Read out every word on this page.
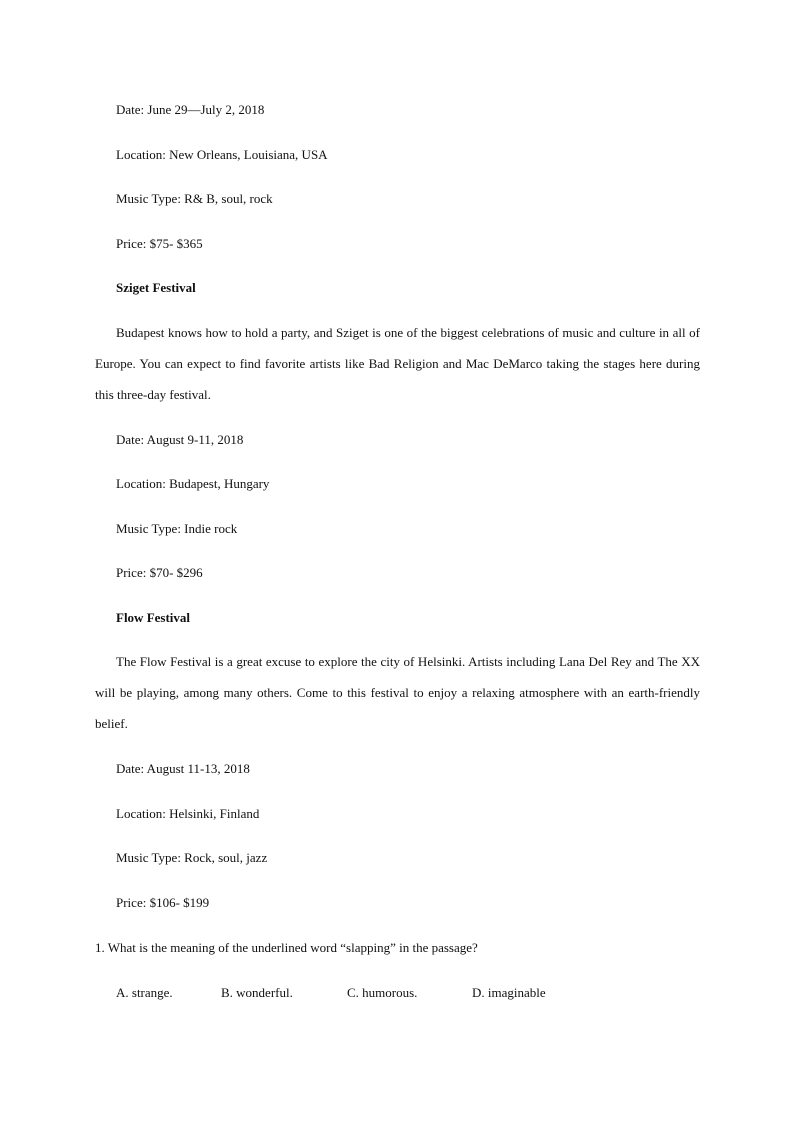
Date: June 29—July 2, 2018
Location: New Orleans, Louisiana, USA
Music Type: R& B, soul, rock
Price: $75- $365
Sziget Festival

Budapest knows how to hold a party, and Sziget is one of the biggest celebrations of music and culture in all of Europe. You can expect to find favorite artists like Bad Religion and Mac DeMarco taking the stages here during this three-day festival.

Date: August 9-11, 2018
Location: Budapest, Hungary
Music Type: Indie rock
Price: $70- $296
Flow Festival

The Flow Festival is a great excuse to explore the city of Helsinki. Artists including Lana Del Rey and The XX will be playing, among many others. Come to this festival to enjoy a relaxing atmosphere with an earth-friendly belief.

Date: August 11-13, 2018
Location: Helsinki, Finland
Music Type: Rock, soul, jazz
Price: $106- $199
1. What is the meaning of the underlined word “slapping” in the passage?
A. strange.	B. wonderful.	C. humorous.	D. imaginable
